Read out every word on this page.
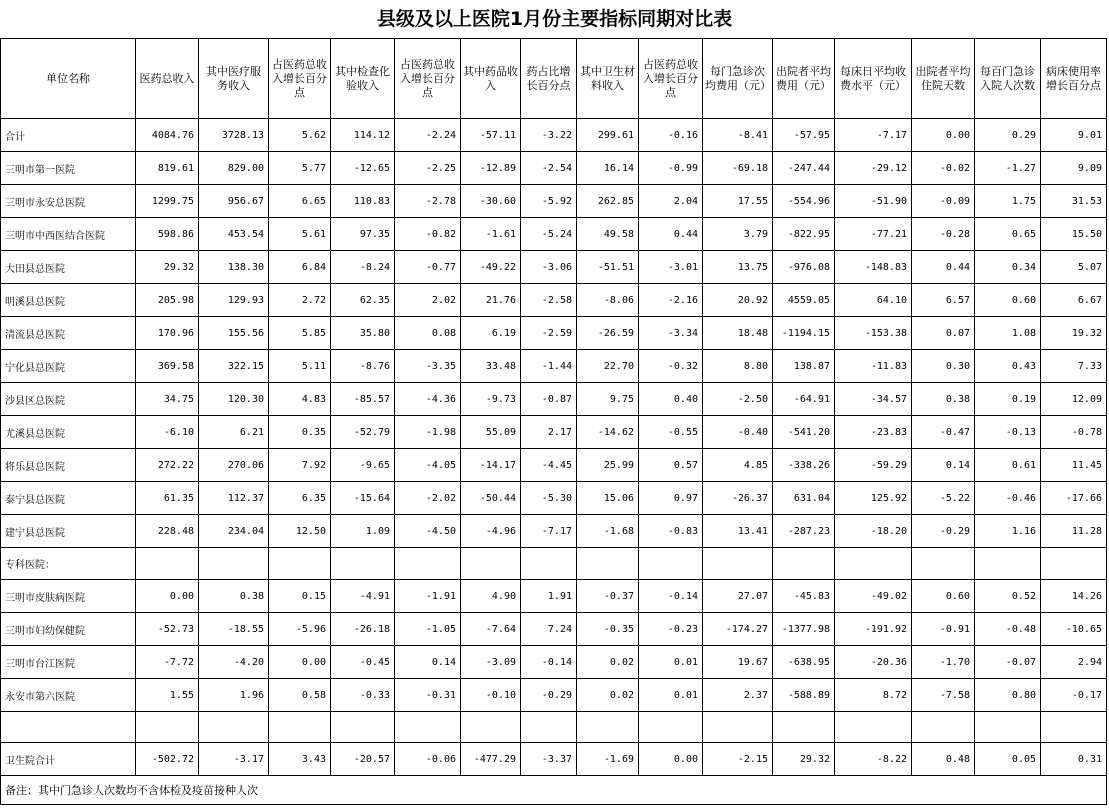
县级及以上医院1月份主要指标同期对比表
单位名称	医药总收入	其中医疗服务收入	占医药总收入增长百分点	其中检查化验收入	占医药总收入增长百分点	其中药品收入	药占比增长百分点	其中卫生材料收入	占医药总收入增长百分点	每门急诊次均费用（元）	出院者平均费用（元）	每床日平均收费水平（元）	出院者平均住院天数	每百门急诊入院人次数	病床使用率增长百分点
合计	4084.76	3728.13	5.62	114.12	-2.24	-57.11	-3.22	299.61	-0.16	-8.41	-57.95	-7.17	0.00	0.29	9.01
三明市第一医院	819.61	829.00	5.77	-12.65	-2.25	-12.89	-2.54	16.14	-0.99	-69.18	-247.44	-29.12	-0.02	-1.27	9.09
三明市永安总医院	1299.75	956.67	6.65	110.83	-2.78	-30.60	-5.92	262.85	2.04	17.55	-554.96	-51.90	-0.09	1.75	31.53
三明市中西医结合医院	598.86	453.54	5.61	97.35	-0.82	-1.61	-5.24	49.58	0.44	3.79	-822.95	-77.21	-0.28	0.65	15.50
大田县总医院	29.32	138.30	6.84	-8.24	-0.77	-49.22	-3.06	-51.51	-3.01	13.75	-976.08	-148.83	0.44	0.34	5.07
明溪县总医院	205.98	129.93	2.72	62.35	2.02	21.76	-2.58	-8.06	-2.16	20.92	4559.05	64.10	6.57	0.60	6.67
清流县总医院	170.96	155.56	5.85	35.80	0.08	6.19	-2.59	-26.59	-3.34	18.48	-1194.15	-153.38	0.07	1.08	19.32
宁化县总医院	369.58	322.15	5.11	-8.76	-3.35	33.48	-1.44	22.70	-0.32	8.80	138.87	-11.83	0.30	0.43	7.33
沙县区总医院	34.75	120.30	4.83	-85.57	-4.36	-9.73	-0.87	9.75	0.40	-2.50	-64.91	-34.57	0.38	0.19	12.09
尤溪县总医院	-6.10	6.21	0.35	-52.79	-1.98	55.09	2.17	-14.62	-0.55	-0.40	-541.20	-23.83	-0.47	-0.13	-0.78
将乐县总医院	272.22	270.06	7.92	-9.65	-4.05	-14.17	-4.45	25.99	0.57	4.85	-338.26	-59.29	0.14	0.61	11.45
泰宁县总医院	61.35	112.37	6.35	-15.64	-2.02	-50.44	-5.30	15.06	0.97	-26.37	631.04	125.92	-5.22	-0.46	-17.66
建宁县总医院	228.48	234.04	12.50	1.09	-4.50	-4.96	-7.17	-1.68	-0.83	13.41	-287.23	-18.20	-0.29	1.16	11.28
专科医院：															
三明市皮肤病医院	0.00	0.38	0.15	-4.91	-1.91	4.90	1.91	-0.37	-0.14	27.07	-45.83	-49.02	0.60	0.52	14.26
三明市妇幼保健院	-52.73	-18.55	-5.96	-26.18	-1.05	-7.64	7.24	-0.35	-0.23	-174.27	-1377.98	-191.92	-0.91	-0.48	-10.65
三明市台江医院	-7.72	-4.20	0.00	-0.45	0.14	-3.09	-0.14	0.02	0.01	19.67	-638.95	-20.36	-1.70	-0.07	2.94
永安市第六医院	1.55	1.96	0.58	-0.33	-0.31	-0.10	-0.29	0.02	0.01	2.37	-588.89	8.72	-7.58	0.80	-0.17

卫生院合计	-502.72	-3.17	3.43	-20.57	-0.06	-477.29	-3.37	-1.69	0.00	-2.15	29.32	-8.22	0.48	0.05	0.31
备注：其中门急诊人次数均不含体检及疫苗接种人次															
